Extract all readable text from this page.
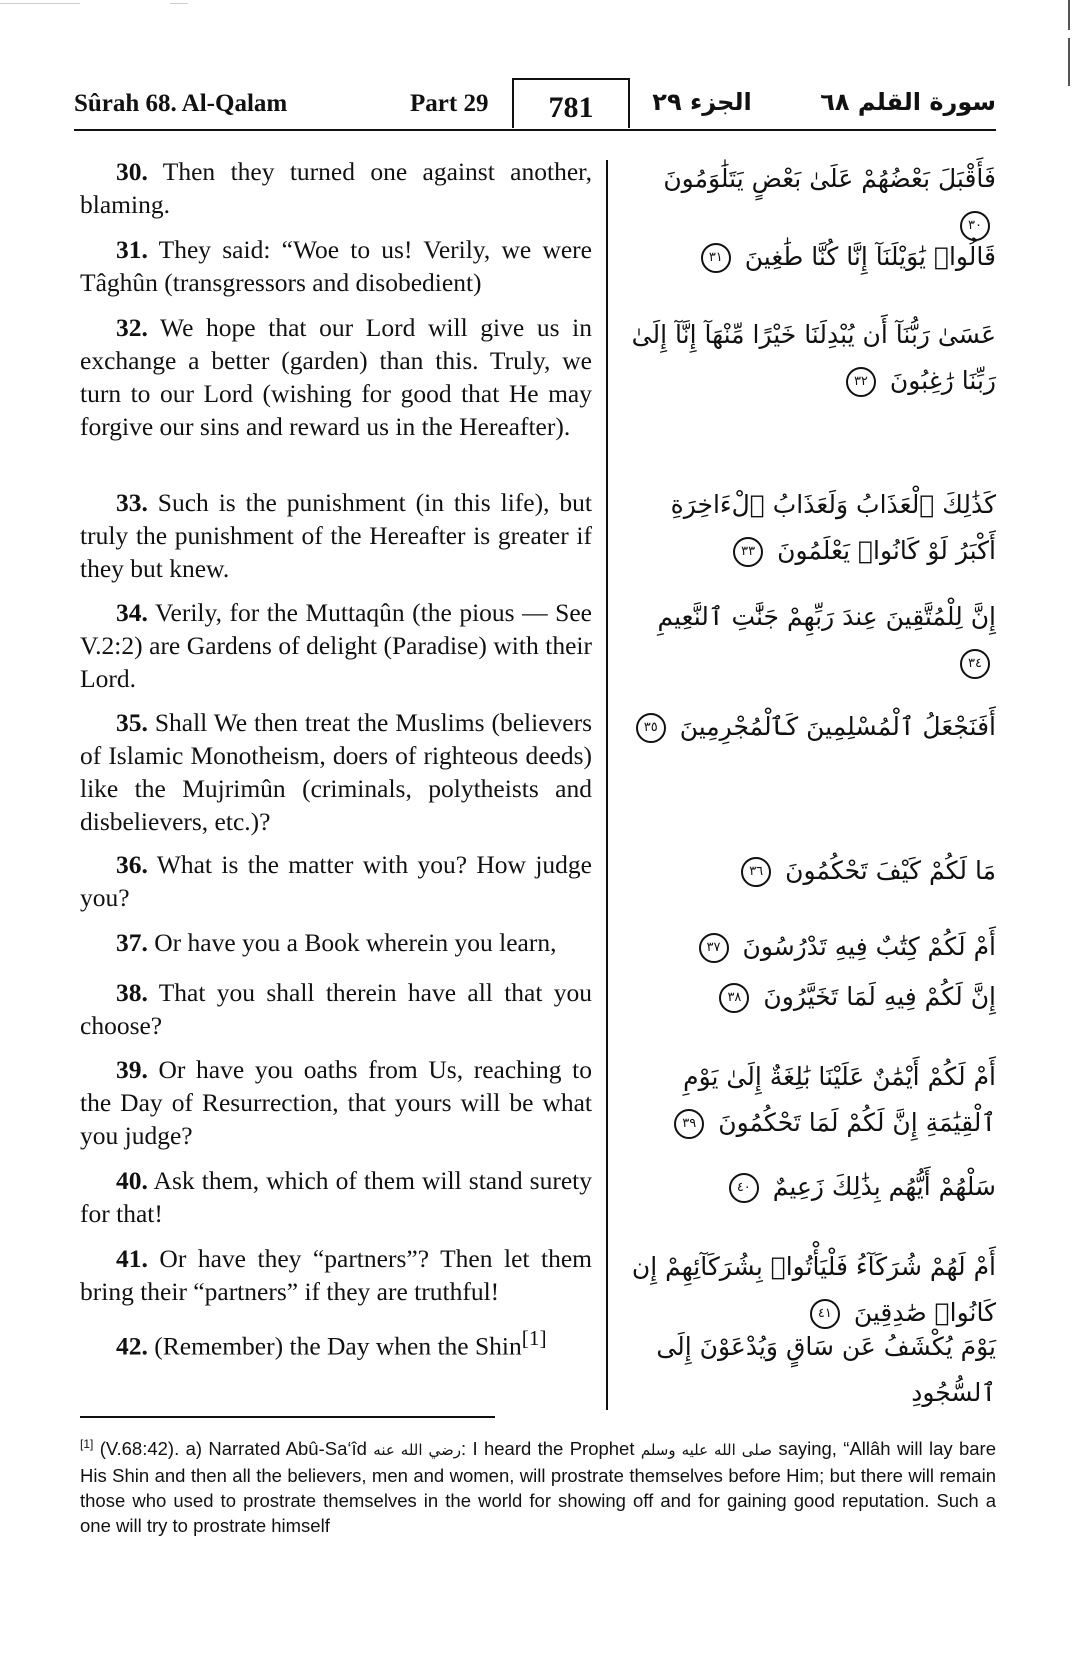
Sûrah 68. Al-Qalam	Part 29	781	الجزء ٢٩	سورة القلم ٦٨
30. Then they turned one against another, blaming.
فَأَقْبَلَ بَعْضُهُمْ عَلَىٰ بَعْضٍ يَتَلَٰوَمُونَ ٣٠
31. They said: “Woe to us! Verily, we were Tâghûn (transgressors and disobedient)
قَالُوا۟ يَٰوَيْلَنَآ إِنَّا كُنَّا طَٰغِينَ ٣١
32. We hope that our Lord will give us in exchange a better (garden) than this. Truly, we turn to our Lord (wishing for good that He may forgive our sins and reward us in the Hereafter).
عَسَىٰ رَبُّنَآ أَن يُبْدِلَنَا خَيْرًا مِّنْهَآ إِنَّآ إِلَىٰ رَبِّنَا رَٰغِبُونَ ٣٢
33. Such is the punishment (in this life), but truly the punishment of the Hereafter is greater if they but knew.
كَذَٰلِكَ ٱلْعَذَابُ وَلَعَذَابُ ٱلْءَاخِرَةِ أَكْبَرُ لَوْ كَانُوا۟ يَعْلَمُونَ ٣٣
34. Verily, for the Muttaqûn (the pious — See V.2:2) are Gardens of delight (Paradise) with their Lord.
إِنَّ لِلْمُتَّقِينَ عِندَ رَبِّهِمْ جَنَّٰتِ ٱلنَّعِيمِ ٣٤
35. Shall We then treat the Muslims (believers of Islamic Monotheism, doers of righteous deeds) like the Mujrimûn (criminals, polytheists and disbelievers, etc.)?
أَفَنَجْعَلُ ٱلْمُسْلِمِينَ كَٱلْمُجْرِمِينَ ٣٥
36. What is the matter with you? How judge you?
مَا لَكُمْ كَيْفَ تَحْكُمُونَ ٣٦
37. Or have you a Book wherein you learn,	أَمْ لَكُمْ كِتَٰبٌ فِيهِ تَدْرُسُونَ ٣٧
38. That you shall therein have all that you choose?
إِنَّ لَكُمْ فِيهِ لَمَا تَخَيَّرُونَ ٣٨
39. Or have you oaths from Us, reaching to the Day of Resurrection, that yours will be what you judge?
أَمْ لَكُمْ أَيْمَٰنٌ عَلَيْنَا بَٰلِغَةٌ إِلَىٰ يَوْمِ ٱلْقِيَٰمَةِ إِنَّ لَكُمْ لَمَا تَحْكُمُونَ ٣٩
40. Ask them, which of them will stand surety for that!
سَلْهُمْ أَيُّهُم بِذَٰلِكَ زَعِيمٌ ٤٠
41. Or have they “partners”? Then let them bring their “partners” if they are truthful!
أَمْ لَهُمْ شُرَكَآءُ فَلْيَأْتُوا۟ بِشُرَكَآئِهِمْ إِن كَانُوا۟ صَٰدِقِينَ ٤١
42. (Remember) the Day when the Shin[1]	يَوْمَ يُكْشَفُ عَن سَاقٍ وَيُدْعَوْنَ إِلَى ٱلسُّجُودِ
[1] (V.68:42). a) Narrated Abû-Sa‘îd رضي الله عنه: I heard the Prophet صلى الله عليه وسلم saying, “Allâh will lay bare His Shin and then all the believers, men and women, will prostrate themselves before Him; but there will remain those who used to prostrate themselves in the world for showing off and for gaining good reputation. Such a one will try to prostrate himself
